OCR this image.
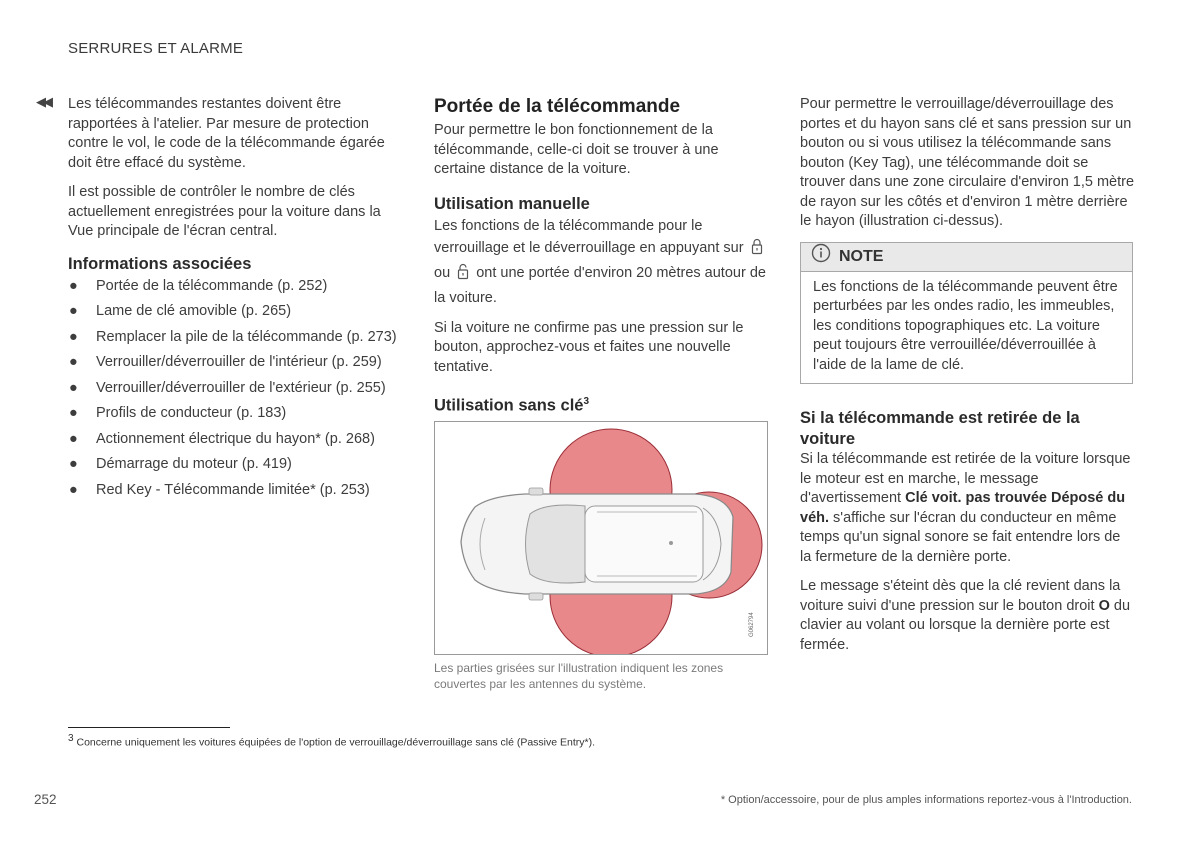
SERRURES ET ALARME
◀◀ Les télécommandes restantes doivent être rapportées à l'atelier. Par mesure de protection contre le vol, le code de la télécommande égarée doit être effacé du système.

Il est possible de contrôler le nombre de clés actuellement enregistrées pour la voiture dans la Vue principale de l'écran central.

Informations associées
● Portée de la télécommande (p. 252)
● Lame de clé amovible (p. 265)
● Remplacer la pile de la télécommande (p. 273)
● Verrouiller/déverrouiller de l'intérieur (p. 259)
● Verrouiller/déverrouiller de l'extérieur (p. 255)
● Profils de conducteur (p. 183)
● Actionnement électrique du hayon* (p. 268)
● Démarrage du moteur (p. 419)
● Red Key - Télécommande limitée* (p. 253)
Portée de la télécommande

Pour permettre le bon fonctionnement de la télécommande, celle-ci doit se trouver à une certaine distance de la voiture.

Utilisation manuelle

Les fonctions de la télécommande pour le verrouillage et le déverrouillage en appuyant sur
ou ont une portée d'environ 20 mètres autour de la voiture.

Si la voiture ne confirme pas une pression sur le bouton, approchez-vous et faites une nouvelle tentative.

Utilisation sans clé$^3$
G062794

Les parties grisées sur l'illustration indiquent les zones couvertes par les antennes du système.

Pour permettre le verrouillage/déverrouillage des portes et du hayon sans clé et sans pression sur un bouton ou si vous utilisez la télécommande sans bouton (Key Tag), une télécommande doit se trouver dans une zone circulaire d'environ 1,5 mètre de rayon sur les côtés et d'environ 1 mètre derrière le hayon (illustration ci-dessus).

NOTE
Les fonctions de la télécommande peuvent être perturbées par les ondes radio, les immeubles, les conditions topographiques etc. La voiture peut toujours être verrouillée/déverrouillée à l'aide de la lame de clé.
Si la télécommande est retirée de la voiture

Si la télécommande est retirée de la voiture lorsque le moteur est en marche, le message d'avertissement Clé voit. pas trouvée Déposé du véh. s'affiche sur l'écran du conducteur en même temps qu'un signal sonore se fait entendre lors de la fermeture de la dernière porte.

Le message s'éteint dès que la clé revient dans la voiture suivi d'une pression sur le bouton droit O du clavier au volant ou lorsque la dernière porte est fermée.

$^3$ Concerne uniquement les voitures équipées de l'option de verrouillage/déverrouillage sans clé (Passive Entry*).
252	* Option/accessoire, pour de plus amples informations reportez-vous à l'Introduction.
